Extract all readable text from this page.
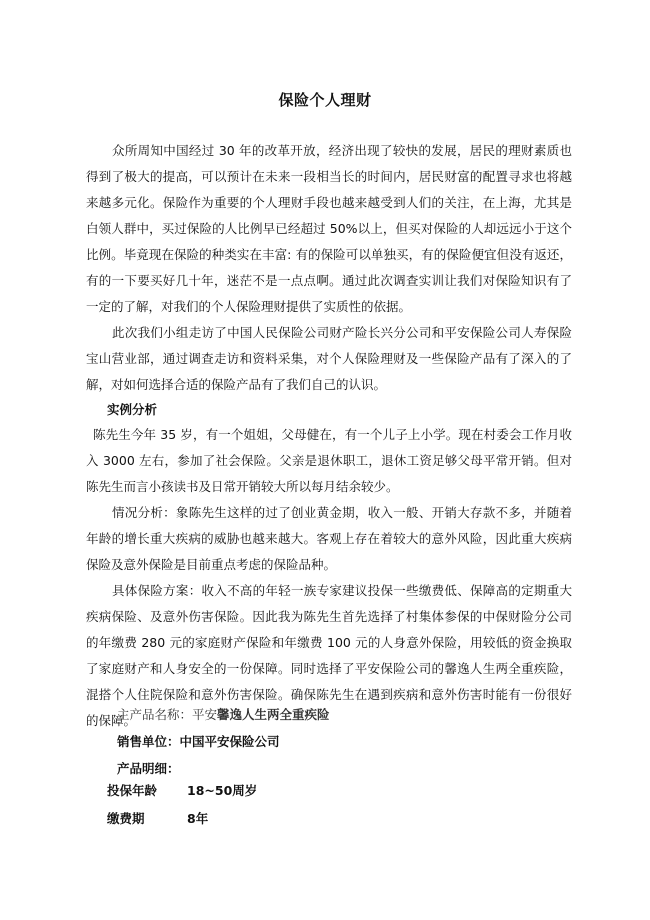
保险个人理财

众所周知中国经过 30 年的改革开放，经济出现了较快的发展，居民的理财素质也得到了极大的提高，可以预计在未来一段相当长的时间内，居民财富的配置寻求也将越来越多元化。保险作为重要的个人理财手段也越来越受到人们的关注，在上海，尤其是白领人群中，买过保险的人比例早已经超过 50%以上，但买对保险的人却远远小于这个比例。毕竟现在保险的种类实在丰富: 有的保险可以单独买，有的保险便宜但没有返还，有的一下要买好几十年，迷茫不是一点点啊。通过此次调查实训让我们对保险知识有了一定的了解，对我们的个人保险理财提供了实质性的依据。

此次我们小组走访了中国人民保险公司财产险长兴分公司和平安保险公司人寿保险宝山营业部，通过调查走访和资料采集，对个人保险理财及一些保险产品有了深入的了解，对如何选择合适的保险产品有了我们自己的认识。

实例分析

陈先生今年 35 岁，有一个姐姐，父母健在，有一个儿子上小学。现在村委会工作月收入 3000 左右，参加了社会保险。父亲是退休职工，退休工资足够父母平常开销。但对陈先生而言小孩读书及日常开销较大所以每月结余较少。

情况分析：象陈先生这样的过了创业黄金期，收入一般、开销大存款不多，并随着年龄的增长重大疾病的威胁也越来越大。客观上存在着较大的意外风险，因此重大疾病保险及意外保险是目前重点考虑的保险品种。

具体保险方案：收入不高的年轻一族专家建议投保一些缴费低、保障高的定期重大疾病保险、及意外伤害保险。因此我为陈先生首先选择了村集体参保的中保财险分公司的年缴费 280 元的家庭财产保险和年缴费 100 元的人身意外保险，用较低的资金换取了家庭财产和人身安全的一份保障。同时选择了平安保险公司的馨逸人生两全重疾险，混搭个人住院保险和意外伤害保险。确保陈先生在遇到疾病和意外伤害时能有一份很好的保障。

主产品名称：平安馨逸人生两全重疾险

销售单位：中国平安保险公司

产品明细：

投保年龄 18~50周岁

缴费期	8年
